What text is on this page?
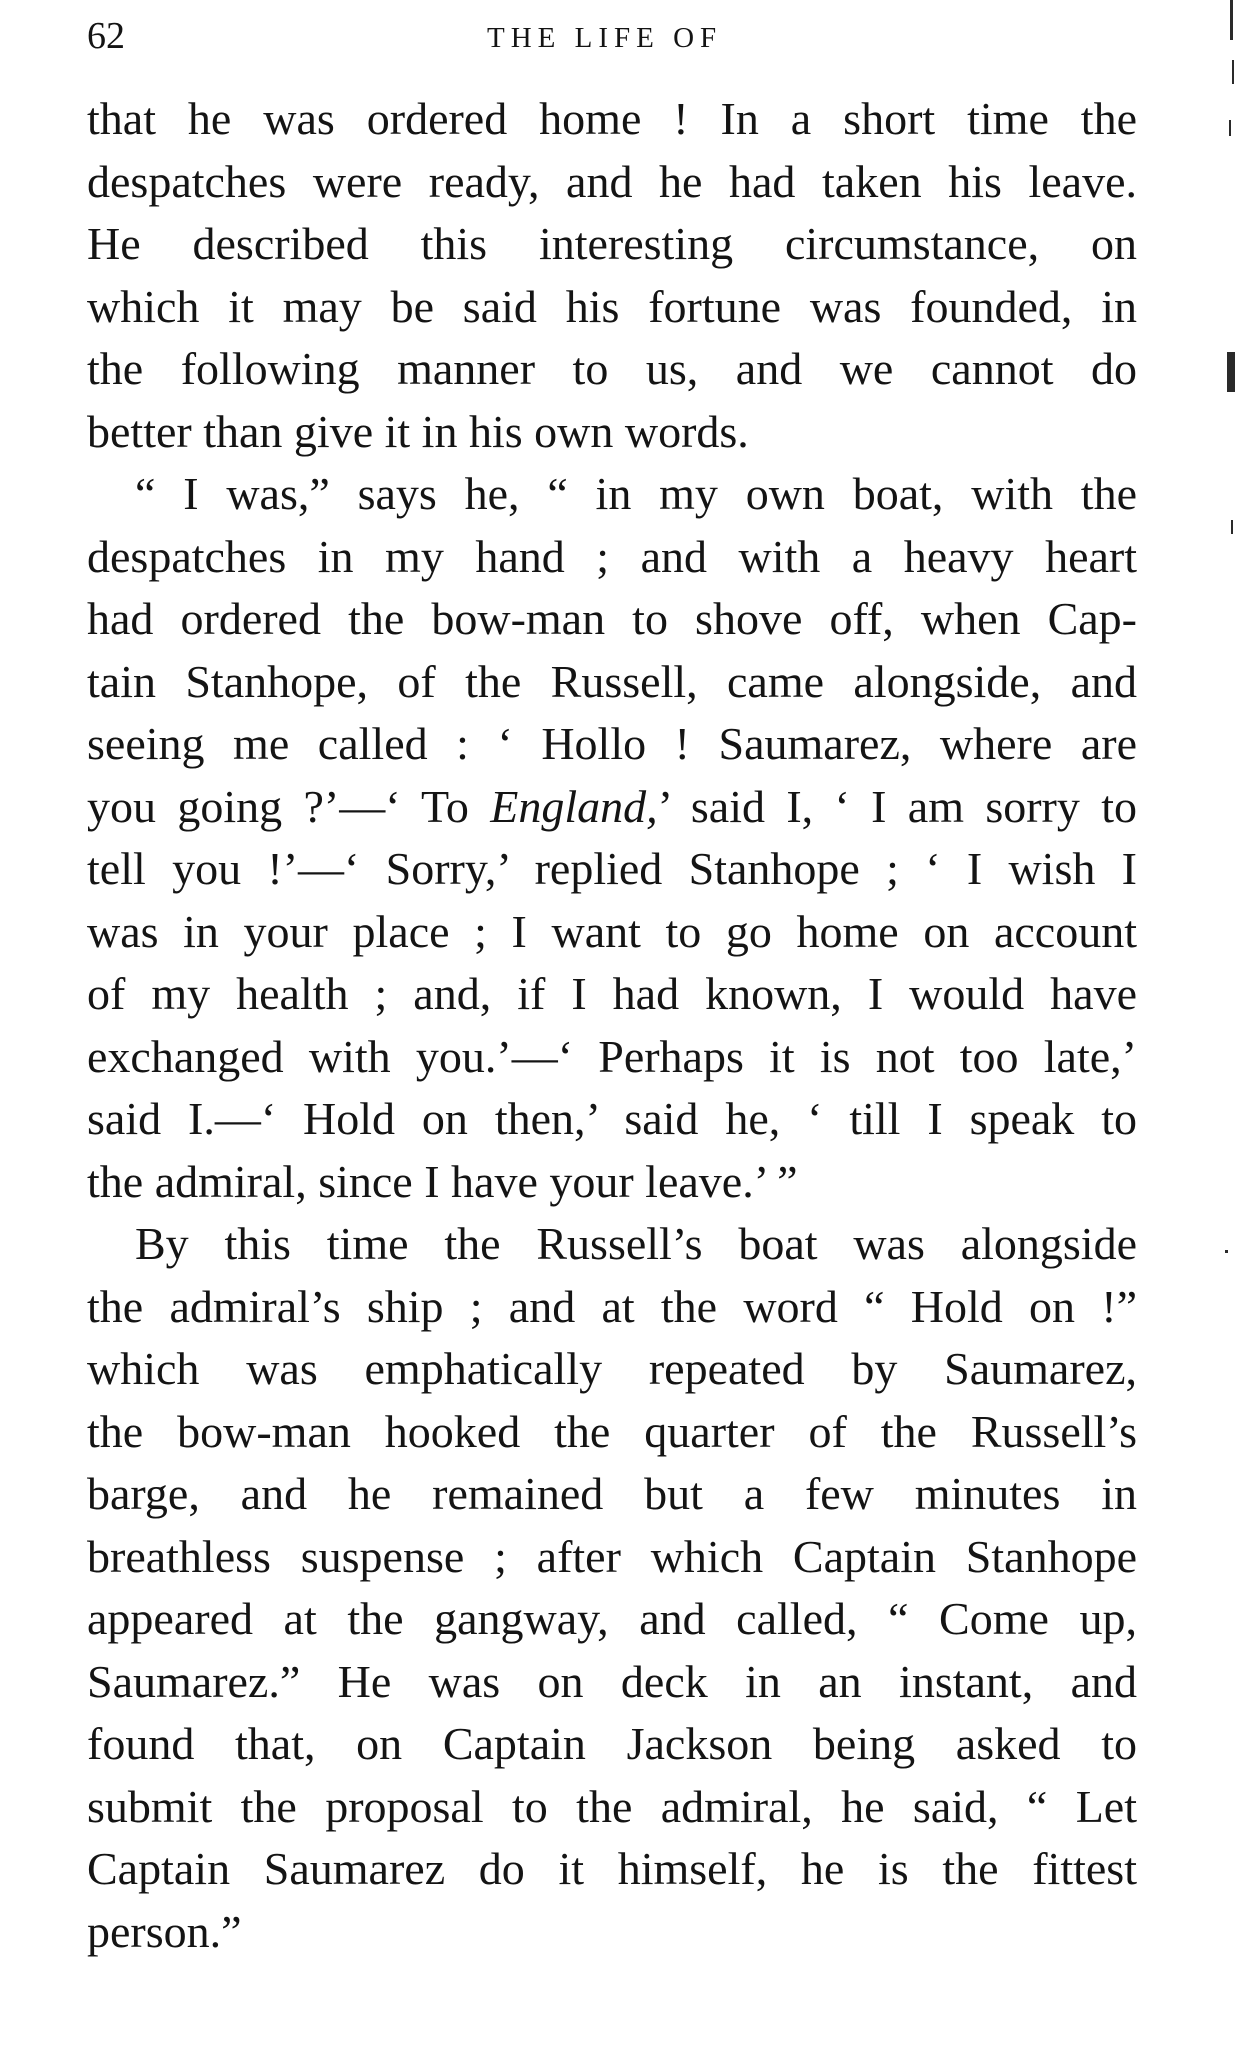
62	THE LIFE OF
that he was ordered home ! In a short time the
despatches were ready, and he had taken his leave.
He described this interesting circumstance, on
which it may be said his fortune was founded, in
the following manner to us, and we cannot do
better than give it in his own words.
“ I was,” says he, “ in my own boat, with the
despatches in my hand ; and with a heavy heart
had ordered the bow-man to shove off, when Cap-
tain Stanhope, of the Russell, came alongside, and
seeing me called : ‘ Hollo ! Saumarez, where are
you going ?’—‘ To England,’ said I, ‘ I am sorry to
tell you !’—‘ Sorry,’ replied Stanhope ; ‘ I wish I
was in your place ; I want to go home on account
of my health ; and, if I had known, I would have
exchanged with you.’—‘ Perhaps it is not too late,’
said I.—‘ Hold on then,’ said he, ‘ till I speak to
the admiral, since I have your leave.’ ”
By this time the Russell’s boat was alongside
the admiral’s ship ; and at the word “ Hold on !”
which was emphatically repeated by Saumarez,
the bow-man hooked the quarter of the Russell’s
barge, and he remained but a few minutes in
breathless suspense ; after which Captain Stanhope
appeared at the gangway, and called, “ Come up,
Saumarez.” He was on deck in an instant, and
found that, on Captain Jackson being asked to
submit the proposal to the admiral, he said, “ Let
Captain Saumarez do it himself, he is the fittest
person.”
